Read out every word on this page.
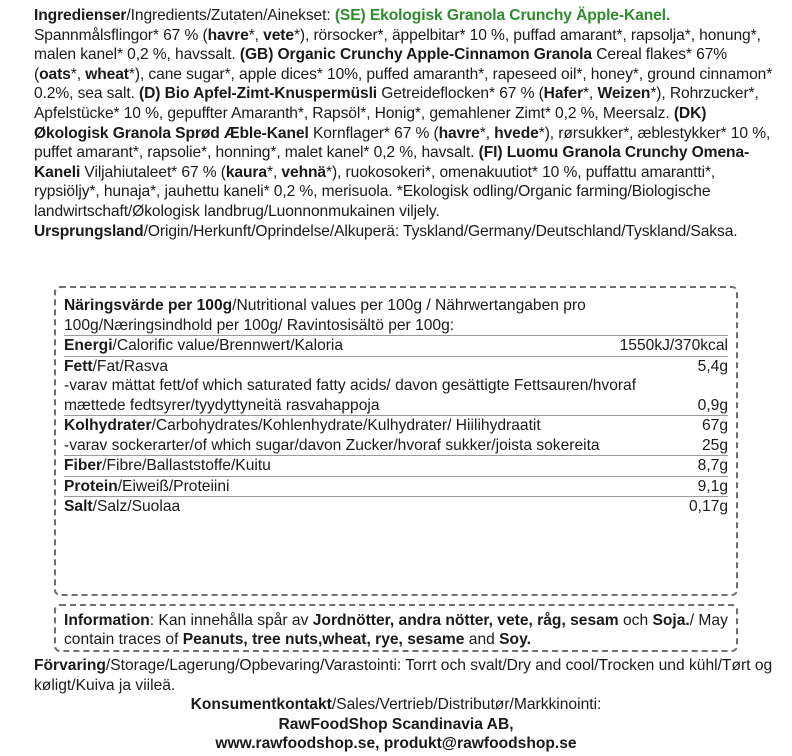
Ingredienser/Ingredients/Zutaten/Ainekset: (SE) Ekologisk Granola Crunchy Äpple-Kanel. Spannmålsflingor* 67 % (havre*, vete*), rörsocker*, äppelbitar* 10 %, puffad amarant*, rapsolja*, honung*, malen kanel* 0,2 %, havssalt. (GB) Organic Crunchy Apple-Cinnamon Granola Cereal flakes* 67% (oats*, wheat*), cane sugar*, apple dices* 10%, puffed amaranth*, rapeseed oil*, honey*, ground cinnamon* 0.2%, sea salt. (D) Bio Apfel-Zimt-Knuspermüsli Getreideflocken* 67 % (Hafer*, Weizen*), Rohrzucker*, Apfelstücke* 10 %, gepuffter Amaranth*, Rapsöl*, Honig*, gemahlener Zimt* 0,2 %, Meersalz. (DK) Økologisk Granola Sprød Æble-Kanel Kornflager* 67 % (havre*, hvede*), rørsukker*, æblestykker* 10 %, puffet amarant*, rapsolie*, honning*, malet kanel* 0,2 %, havsalt. (FI) Luomu Granola Crunchy Omena-Kaneli Viljahiutaleet* 67 % (kaura*, vehnä*), ruokosokeri*, omenakuutiot* 10 %, puffattu amarantti*, rypsiöljy*, hunaja*, jauhettu kaneli* 0,2 %, merisuola. *Ekologisk odling/Organic farming/Biologische landwirtschaft/Økologisk landbrug/Luonnonmukainen viljely. Ursprungsland/Origin/Herkunft/Oprindelse/Alkuperä: Tyskland/Germany/Deutschland/Tyskland/Saksa.

Näringsvärde per 100g/Nutritional values per 100g / Nährwertangaben pro 100g/Næringsindhold per 100g/ Ravintosisältö per 100g:

Energi/Calorific value/Brennwert/Kaloria	1550kJ/370kcal
Fett/Fat/Rasva	5,4g
-varav mättat fett/of which saturated fatty acids/ davon gesättigte Fettsauren/hvoraf mættede fedtsyrer/tyydyttyneitä rasvahappoja	0,9g
Kolhydrater/Carbohydrates/Kohlenhydrate/Kulhydrater/ Hiilihydraatit	67g
-varav sockerarter/of which sugar/davon Zucker/hvoraf sukker/joista sokereita	25g
Fiber/Fibre/Ballaststoffe/Kuitu	8,7g
Protein/Eiweiß/Proteiini	9,1g
Salt/Salz/Suolaa	0,17g
Information: Kan innehålla spår av Jordnötter, andra nötter, vete, råg, sesam och Soja./ May contain traces of Peanuts, tree nuts,wheat, rye, sesame and Soy.
Förvaring/Storage/Lagerung/Opbevaring/Varastointi: Torrt och svalt/Dry and cool/Trocken und kühl/Tørt og køligt/Kuiva ja viileä.
Konsumentkontakt/Sales/Vertrieb/Distributør/Markkinointi:
RawFoodShop Scandinavia AB,
www.rawfoodshop.se, produkt@rawfoodshop.se
